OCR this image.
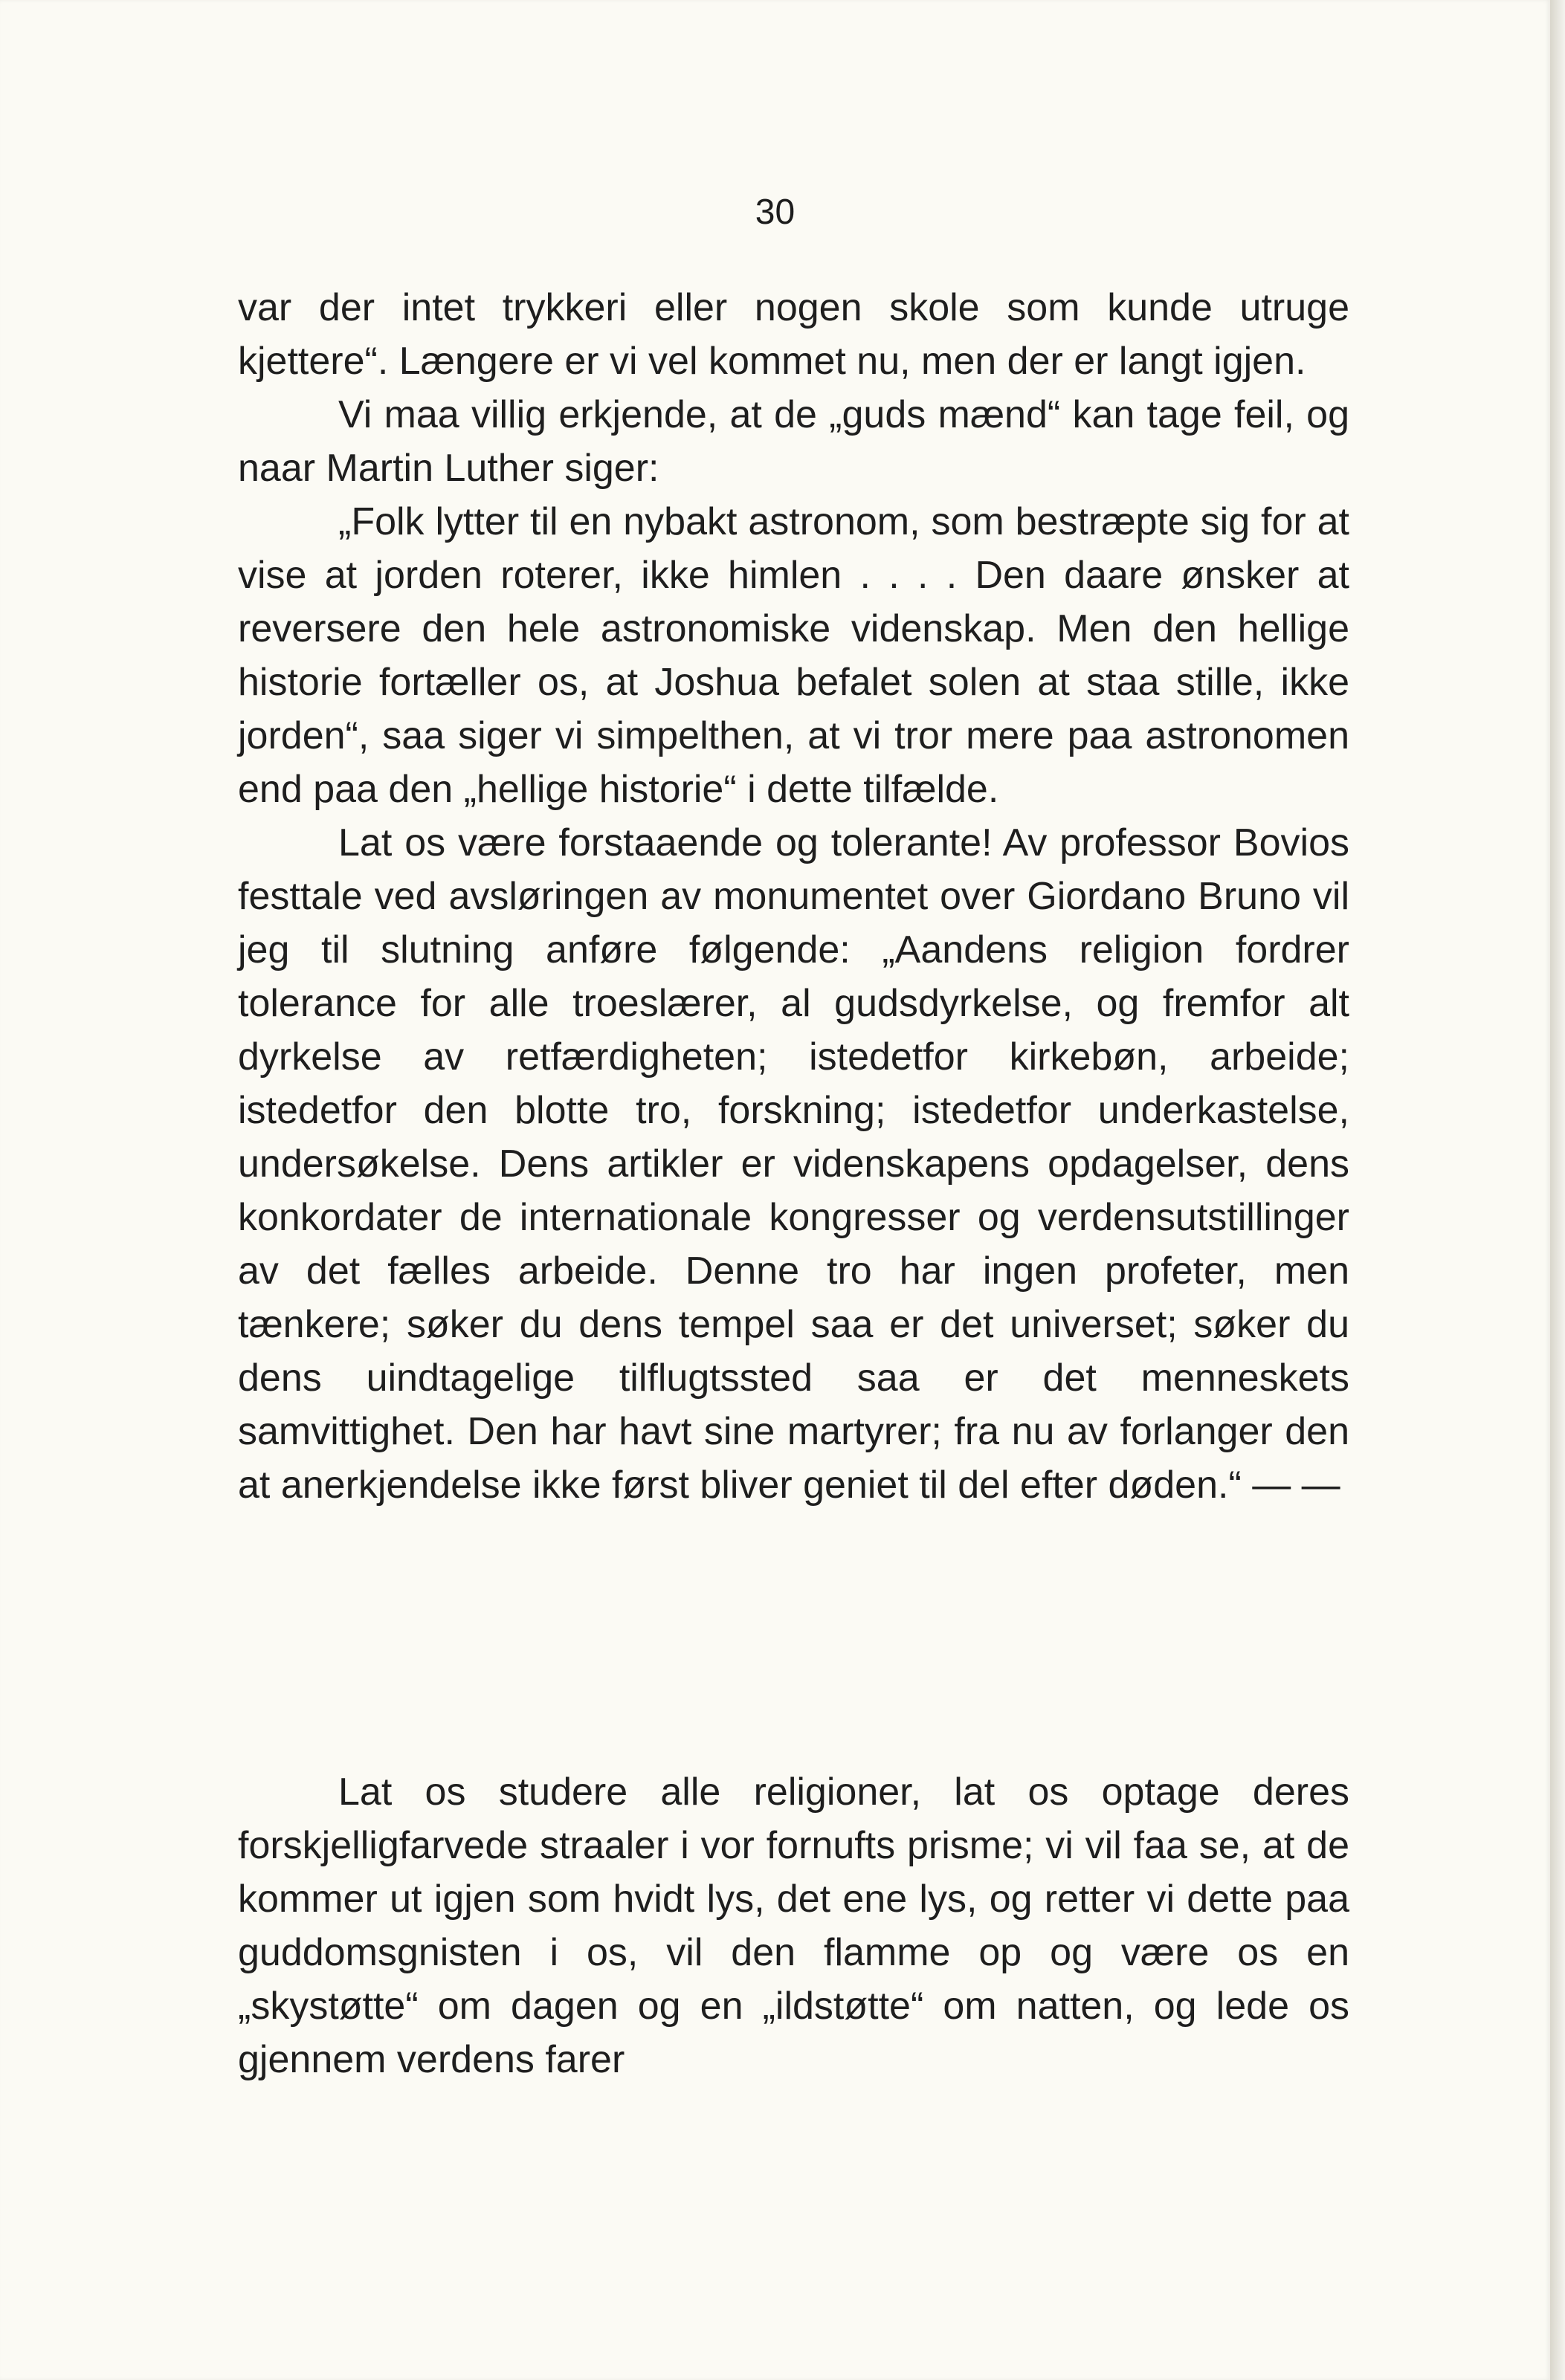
30

var der intet trykkeri eller nogen skole som kunde utruge kjettere“. Længere er vi vel kommet nu, men der er langt igjen.

Vi maa villig erkjende, at de „guds mænd“ kan tage feil, og naar Martin Luther siger:

„Folk lytter til en nybakt astronom, som bestræpte sig for at vise at jorden roterer, ikke himlen . . . . Den daare ønsker at reversere den hele astronomiske videnskap. Men den hellige historie fortæller os, at Joshua befalet solen at staa stille, ikke jorden“, saa siger vi simpelthen, at vi tror mere paa astronomen end paa den „hellige historie“ i dette tilfælde.

Lat os være forstaaende og tolerante! Av professor Bovios festtale ved avsløringen av monumentet over Giordano Bruno vil jeg til slutning anføre følgende: „Aandens religion fordrer tolerance for alle troeslærer, al gudsdyrkelse, og fremfor alt dyrkelse av retfærdigheten; istedetfor kirkebøn, arbeide; istedetfor den blotte tro, forskning; istedetfor underkastelse, undersøkelse. Dens artikler er videnskapens opdagelser, dens konkordater de internationale kongresser og verdensutstillinger av det fælles arbeide. Denne tro har ingen profeter, men tænkere; søker du dens tempel saa er det universet; søker du dens uindtagelige tilflugtssted saa er det menneskets samvittighet. Den har havt sine martyrer; fra nu av forlanger den at anerkjendelse ikke først bliver geniet til del efter døden.“ — —

Lat os studere alle religioner, lat os optage deres forskjelligfarvede straaler i vor fornufts prisme; vi vil faa se, at de kommer ut igjen som hvidt lys, det ene lys, og retter vi dette paa guddomsgnisten i os, vil den flamme op og være os en „skystøtte“ om dagen og en „ildstøtte“ om natten, og lede os gjennem verdens farer
